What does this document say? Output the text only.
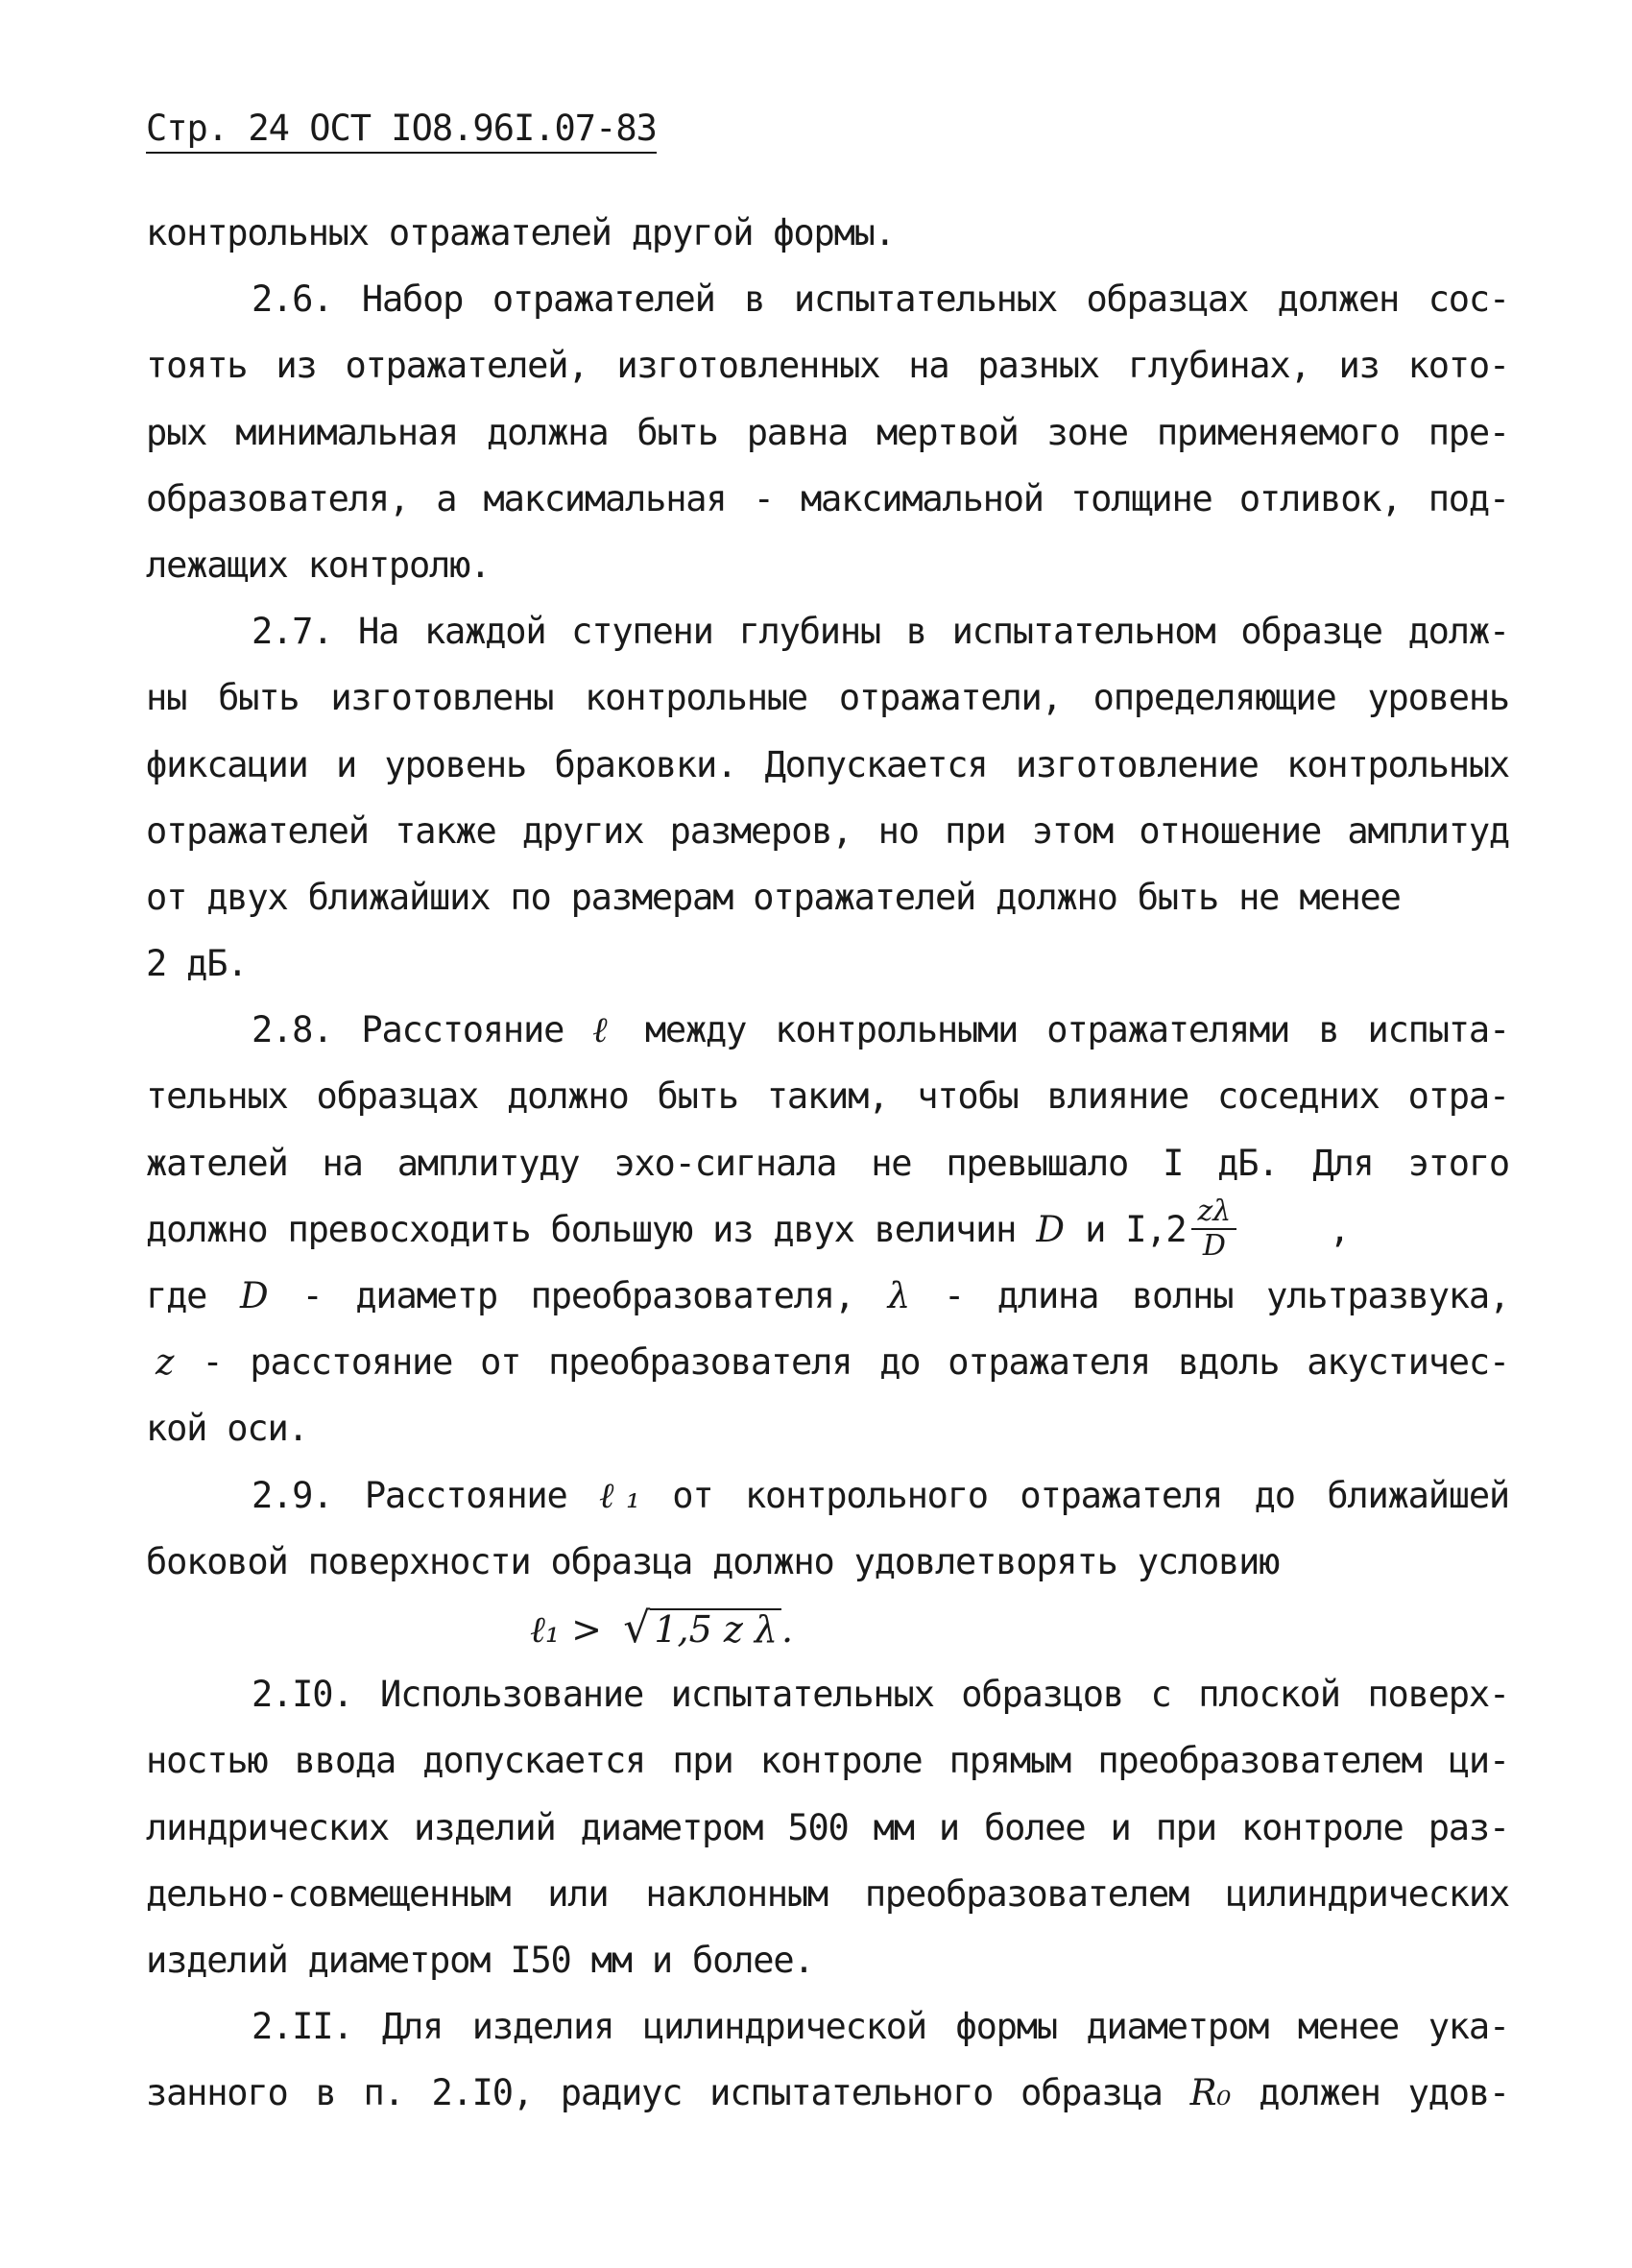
Стр. 24 ОСТ IO8.96I.07-83
контрольных отражателей другой формы.
2.6. Набор отражателей в испытательных образцах должен сос-
тоять из отражателей, изготовленных на разных глубинах, из кото-
рых минимальная должна быть равна мертвой зоне применяемого пре-
образователя, а максимальная - максимальной толщине отливок, под-
лежащих контролю.
2.7. На каждой ступени глубины в испытательном образце долж-
ны быть изготовлены контрольные отражатели, определяющие уровень
фиксации и уровень браковки. Допускается изготовление контрольных
отражателей также других размеров, но при этом отношение амплитуд
от двух ближайших по размерам отражателей должно быть не менее
2 дБ.
2.8. Расстояние ℓ между контрольными отражателями в испыта-
тельных образцах должно быть таким, чтобы влияние соседних отра-
жателей на амплитуду эхо-сигнала не превышало I дБ. Для этого
должно превосходить большую из двух величин D и $I,2 \frac{z\lambda}{D}$	,
где D - диаметр преобразователя, λ - длина волны ультразвука,
z - расстояние от преобразователя до отражателя вдоль акустичес-
кой оси.
2.9. Расстояние ℓ₁ от контрольного отражателя до ближайшей
боковой поверхности образца должно удовлетворять условию
ℓ₁ > √ 1,5 z λ .
2.I0. Использование испытательных образцов с плоской поверх-
ностью ввода допускается при контроле прямым преобразователем ци-
линдрических изделий диаметром 500 мм и более и при контроле раз-
дельно-совмещенным или наклонным преобразователем цилиндрических
изделий диаметром I50 мм и более.
2.II. Для изделия цилиндрической формы диаметром менее ука-
занного в п. 2.I0, радиус испытательного образца R₀ должен удов-
